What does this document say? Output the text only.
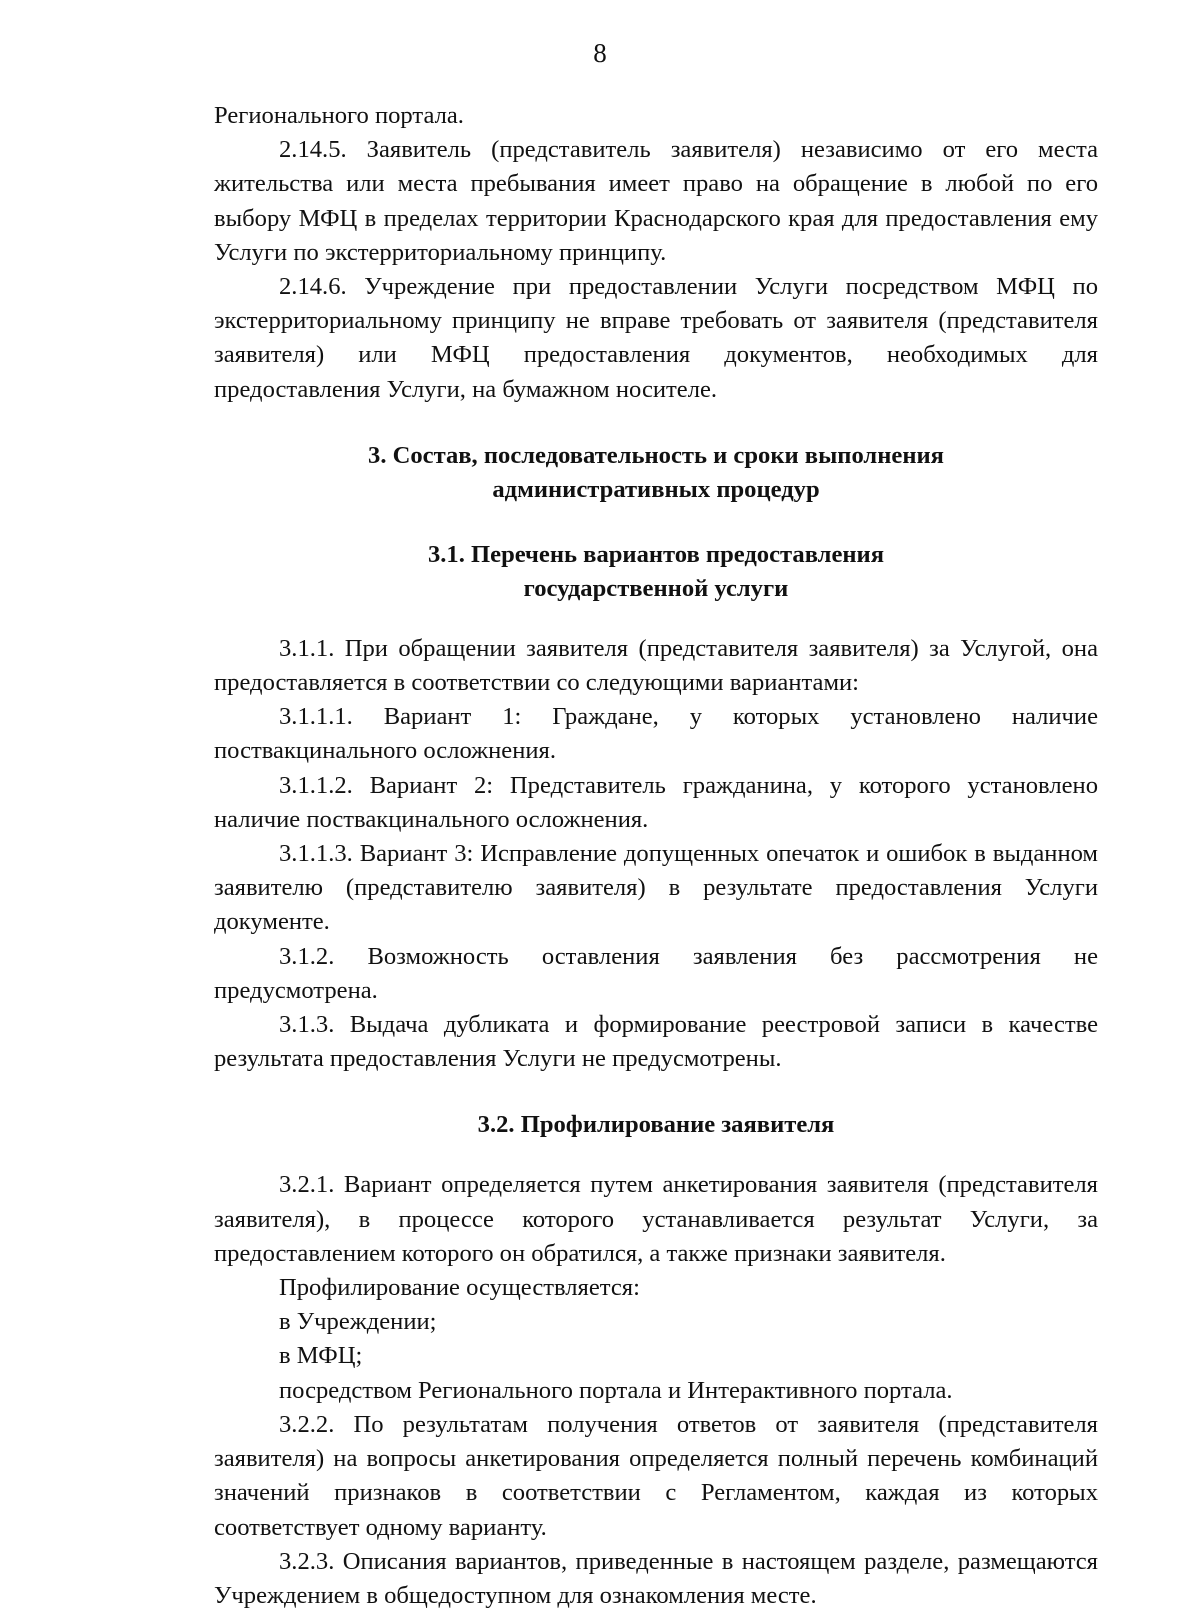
8

Регионального портала.

2.14.5. Заявитель (представитель заявителя) независимо от его места жительства или места пребывания имеет право на обращение в любой по его выбору МФЦ в пределах территории Краснодарского края для предоставления ему Услуги по экстерриториальному принципу.

2.14.6. Учреждение при предоставлении Услуги посредством МФЦ по экстерриториальному принципу не вправе требовать от заявителя (представителя заявителя) или МФЦ предоставления документов, необходимых для предоставления Услуги, на бумажном носителе.

3. Состав, последовательность и сроки выполнения
административных процедур
3.1. Перечень вариантов предоставления
государственной услуги

3.1.1. При обращении заявителя (представителя заявителя) за Услугой, она предоставляется в соответствии со следующими вариантами:

3.1.1.1. Вариант 1: Граждане, у которых установлено наличие поствакцинального осложнения.

3.1.1.2. Вариант 2: Представитель гражданина, у которого установлено наличие поствакцинального осложнения.

3.1.1.3. Вариант 3: Исправление допущенных опечаток и ошибок в выданном заявителю (представителю заявителя) в результате предоставления Услуги документе.

3.1.2. Возможность оставления заявления без рассмотрения не предусмотрена.

3.1.3. Выдача дубликата и формирование реестровой записи в качестве результата предоставления Услуги не предусмотрены.

3.2. Профилирование заявителя

3.2.1. Вариант определяется путем анкетирования заявителя (представителя заявителя), в процессе которого устанавливается результат Услуги, за предоставлением которого он обратился, а также признаки заявителя.

Профилирование осуществляется:

в Учреждении;

в МФЦ;

посредством Регионального портала и Интерактивного портала.

3.2.2. По результатам получения ответов от заявителя (представителя заявителя) на вопросы анкетирования определяется полный перечень комбинаций значений признаков в соответствии с Регламентом, каждая из которых соответствует одному варианту.

3.2.3. Описания вариантов, приведенные в настоящем разделе, размещаются Учреждением в общедоступном для ознакомления месте.
